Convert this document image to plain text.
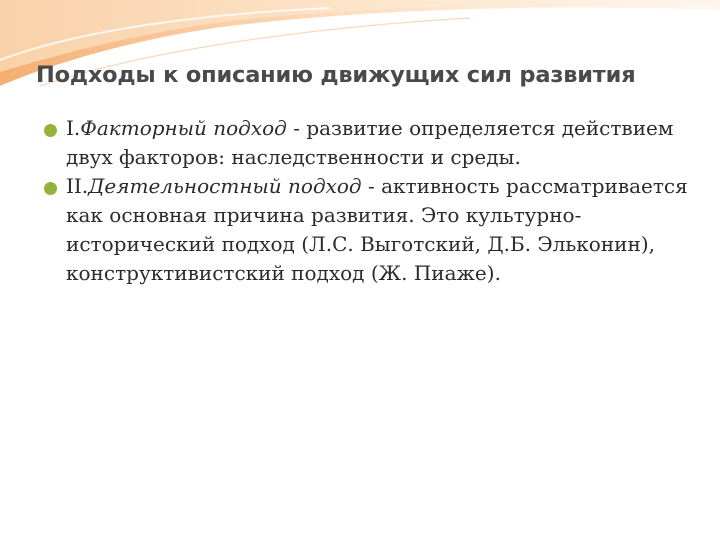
Подходы к описанию движущих сил развития
I.Факторный подход - развитие определяется действием двух факторов: наследственности и среды.
II.Деятельностный подход - активность рассматривается как основная причина развития. Это культурно-исторический подход (Л.С. Выготский, Д.Б. Эльконин), конструктивистский подход (Ж. Пиаже).
